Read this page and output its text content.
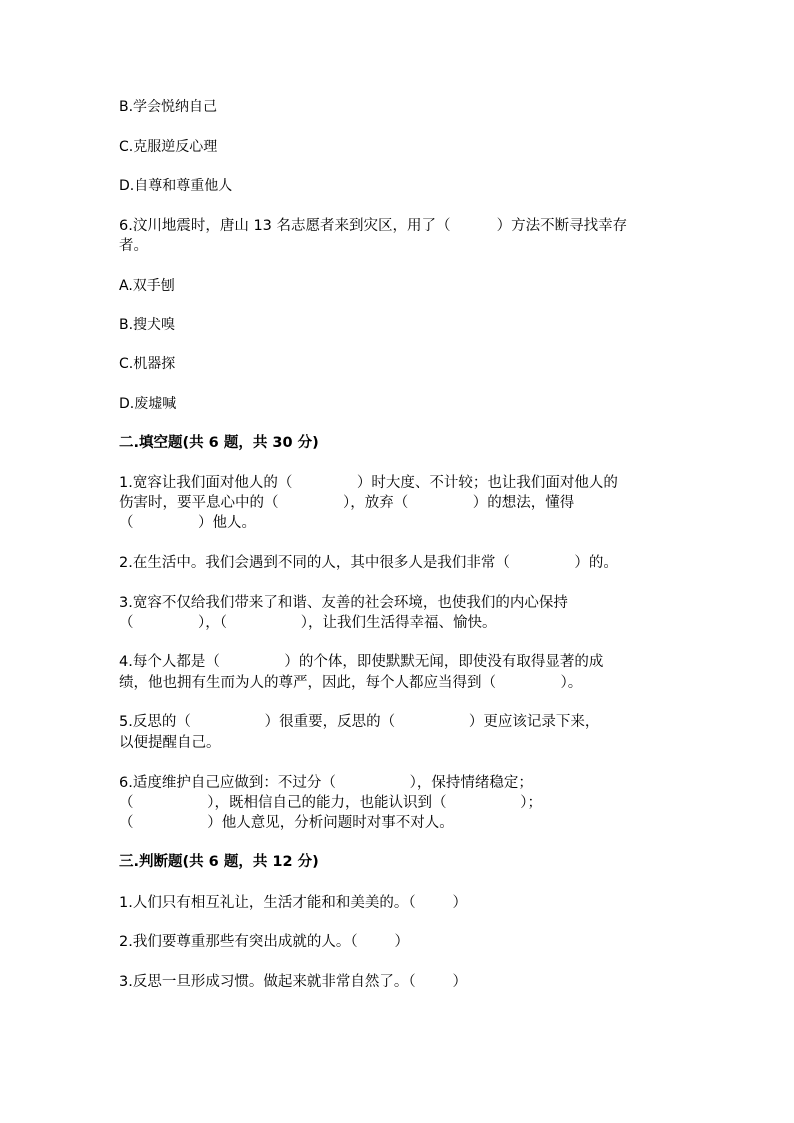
B.学会悦纳自己

C.克服逆反心理

D.自尊和尊重他人

6.汶川地震时，唐山 13 名志愿者来到灾区，用了（          ）方法不断寻找幸存

者。

A.双手刨

B.搜犬嗅

C.机器探

D.废墟喊

二.填空题(共 6 题，共 30 分)

1.宽容让我们面对他人的（              ）时大度、不计较；也让我们面对他人的

伤害时，要平息心中的（              ），放弃（              ）的想法，懂得

（              ）他人。

2.在生活中。我们会遇到不同的人，其中很多人是我们非常（              ）的。

3.宽容不仅给我们带来了和谐、友善的社会环境，也使我们的内心保持

（              ），（                ），让我们生活得幸福、愉快。

4.每个人都是（              ）的个体，即使默默无闻，即使没有取得显著的成

绩，他也拥有生而为人的尊严，因此，每个人都应当得到（              ）。

5.反思的（                ）很重要，反思的（                ）更应该记录下来，

以便提醒自己。

6.适度维护自己应做到：不过分（                ），保持情绪稳定；

（                ），既相信自己的能力，也能认识到（                ）；

（                ）他人意见，分析问题时对事不对人。

三.判断题(共 6 题，共 12 分)

1.人们只有相互礼让，生活才能和和美美的。（        ）

2.我们要尊重那些有突出成就的人。（        ）

3.反思一旦形成习惯。做起来就非常自然了。（        ）
